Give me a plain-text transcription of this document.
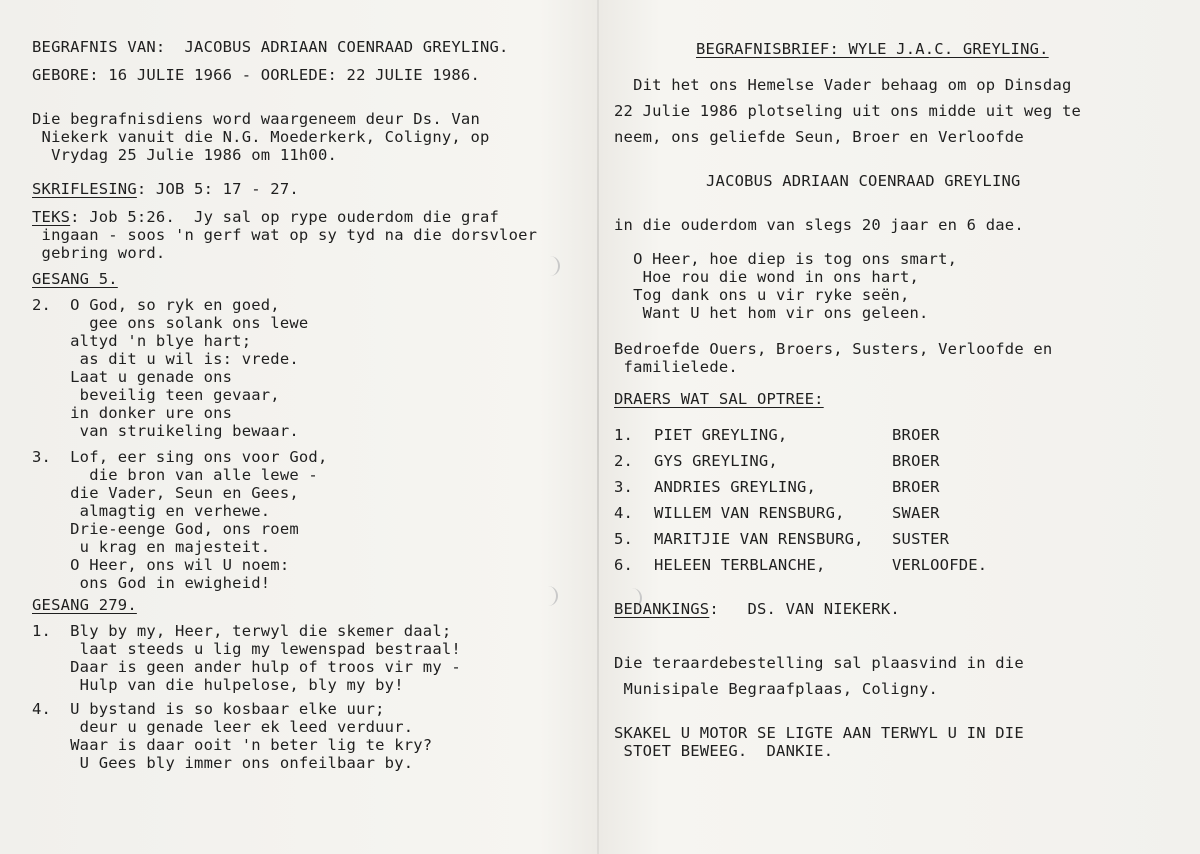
BEGRAFNIS VAN:  JACOBUS ADRIAAN COENRAAD GREYLING.
GEBORE: 16 JULIE 1966 - OORLEDE: 22 JULIE 1986.
Die begrafnisdiens word waargeneem deur Ds. Van
Niekerk vanuit die N.G. Moederkerk, Coligny, op
Vrydag 25 Julie 1986 om 11h00.
SKRIFLESING: JOB 5: 17 - 27.
TEKS: Job 5:26.  Jy sal op rype ouderdom die graf
ingaan - soos 'n gerf wat op sy tyd na die dorsvloer
gebring word.
GESANG 5.
2.  O God, so ryk en goed,
gee ons solank ons lewe
altyd 'n blye hart;
as dit u wil is: vrede.
Laat u genade ons
beveilig teen gevaar,
in donker ure ons
van struikeling bewaar.
3.  Lof, eer sing ons voor God,
die bron van alle lewe -
die Vader, Seun en Gees,
almagtig en verhewe.
Drie-eenge God, ons roem
u krag en majesteit.
O Heer, ons wil U noem:
ons God in ewigheid!
GESANG 279.
1.  Bly by my, Heer, terwyl die skemer daal;
laat steeds u lig my lewenspad bestraal!
Daar is geen ander hulp of troos vir my -
Hulp van die hulpelose, bly my by!
4.  U bystand is so kosbaar elke uur;
deur u genade leer ek leed verduur.
Waar is daar ooit 'n beter lig te kry?
U Gees bly immer ons onfeilbaar by.
BEGRAFNISBRIEF: WYLE J.A.C. GREYLING.
Dit het ons Hemelse Vader behaag om op Dinsdag
22 Julie 1986 plotseling uit ons midde uit weg te
neem, ons geliefde Seun, Broer en Verloofde
JACOBUS ADRIAAN COENRAAD GREYLING
in die ouderdom van slegs 20 jaar en 6 dae.
O Heer, hoe diep is tog ons smart,
Hoe rou die wond in ons hart,
Tog dank ons u vir ryke seën,
Want U het hom vir ons geleen.
Bedroefde Ouers, Broers, Susters, Verloofde en
familielede.
DRAERS WAT SAL OPTREE:
1. PIET GREYLING,	BROER
2. GYS GREYLING,	BROER
3. ANDRIES GREYLING,	BROER
4. WILLEM VAN RENSBURG,	SWAER
5. MARITJIE VAN RENSBURG, SUSTER
6. HELEEN TERBLANCHE,	VERLOOFDE.
BEDANKINGS:   DS. VAN NIEKERK.
Die teraardebestelling sal plaasvind in die
Munisipale Begraafplaas, Coligny.
SKAKEL U MOTOR SE LIGTE AAN TERWYL U IN DIE
STOET BEWEEG.  DANKIE.
